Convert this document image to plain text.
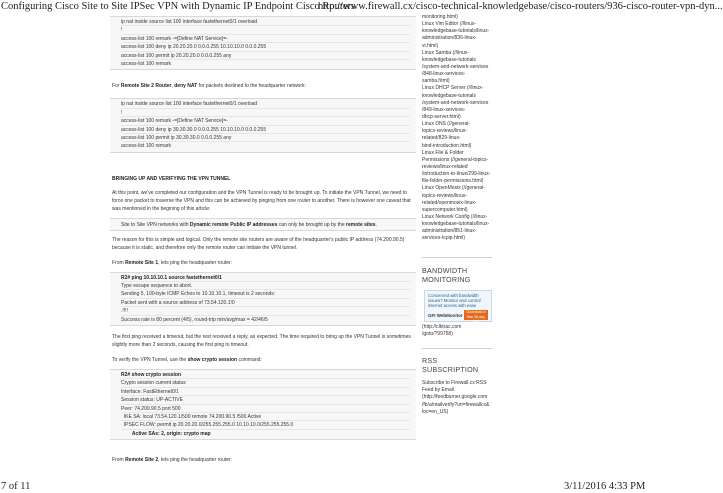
Configuring Cisco Site to Site IPSec VPN with Dynamic IP Endpoint Cisco Routers
http://www.firewall.cx/cisco-technical-knowledgebase/cisco-routers/936-cisco-router-vpn-dyn...
ip nat inside source list 100 interface fastethernet0/1 overload
!
access-list 100 remark -=[Define NAT Service]=-
access-list 100 deny ip 20.20.20.0 0.0.0.255 10.10.10.0 0.0.0.255
access-list 100 permit ip 20.20.20.0 0.0.0.255 any
access-list 100 remark
For Remote Site 2 Router, deny NAT for packets destined to the headquarter network:
ip nat inside source list 100 interface fastethernet0/1 overload
!
access-list 100 remark -=[Define NAT Service]=-
access-list 100 deny ip 30.30.30.0 0.0.0.255 10.10.10.0 0.0.0.255
access-list 100 permit ip 30.30.30.0 0.0.0.255 any
access-list 100 remark
BRINGING UP AND VERIFYING THE VPN TUNNEL
At this point, we've completed our configuration and the VPN Tunnel is ready to be brought up. To initiate the VPN Tunnel, we need to
force one packet to traverse the VPN and this can be achieved by pinging from one router to another. There is however one caveat that
was mentioned in the begining of this article:
Site to Site VPN networks with Dynamic remote Public IP addresses can only be brought up by the remote sites.
The reason for this is simple and logical. Only the remote site routers are aware of the headquarter's public IP address (74.200.90.5)
because it is static, and therefore only the remote router can initiate the VPN tunnel.
From Remote Site 1, lets ping the headquarter router:
R2# ping 10.10.10.1 source fastethernet0/1
Type escape sequence to abort.
Sending 5, 100-byte ICMP Echos to 10.10.10.1, timeout is 2 seconds:
Packet sent with a source address of 73.54.120.1!0
.!!!!
Success rate is 80 percent (4/5), round-trip min/avg/max = 42/46/5
The first ping received a timeout, but the rest received a reply, as expected. The time required to bring up the VPN Tunnel is sometimes
slightly more than 2 seconds, causing the first ping to timeout.
To verify the VPN Tunnel, use the show crypto session command:
R2# show crypto session
Crypto session current status
Interface: FastEthernet0/1
Session status: UP-ACTIVE
Peer: 74.200.90.5 port 500
IKE SA: local 73.54.120.1/500 remote 74.200.90.5 /500 Active
IPSEC FLOW: permit ip 20.20.20.0/255.255.255.0 10.10.10.0/255.255.255.0
Active SAs: 2, origin: crypto map
From Remote Site 2, lets ping the headquarter router:
monitoring.html)
Linux Vim Editor (//linux-
knowledgebase-tutorials/linux-
administration/836-linux-
vi.html)
Linux Samba (//linux-
knowledgebase-tutorials
/system-and-network-services
/848-linux-services-
samba.html)
Linux DHCP Server (//linux-
knowledgebase-tutorials
/system-and-network-services
/849-linux-services-
dhcp-server.html)
Linux DNS (//general-
topics-reviews/linux-
related/829-linux-
bind-introduction.html)
Linux File & Folder
Permissions (//general-topics-
reviews/linux-related
/introduction-to-linux/299-linux-
file-folder-permissions.html)
Linux OpenMosix (//general-
topics-reviews/linux-
related/openmosix-linux-
supercomputer.html)
Linux Network Config (//linux-
knowledgebase-tutorials/linux-
administration/851-linux-
services-tcpip.html)
BANDWIDTH
MONITORING
Concerned with bandwidth issues? Monitor and control internet access with ease
GFI WebMonitor
Download a free 30-day trial
(http://clktrac.com
/goto/?99758)
RSS SUBSCRIPTION
Subscribe to Firewall.cx RSS
Feed by Email
(http://feedburner.google.com
/fb/a/mailverify?uri=firewallcx&
loc=en_US)
7 of 11	3/11/2016 4:33 PM
